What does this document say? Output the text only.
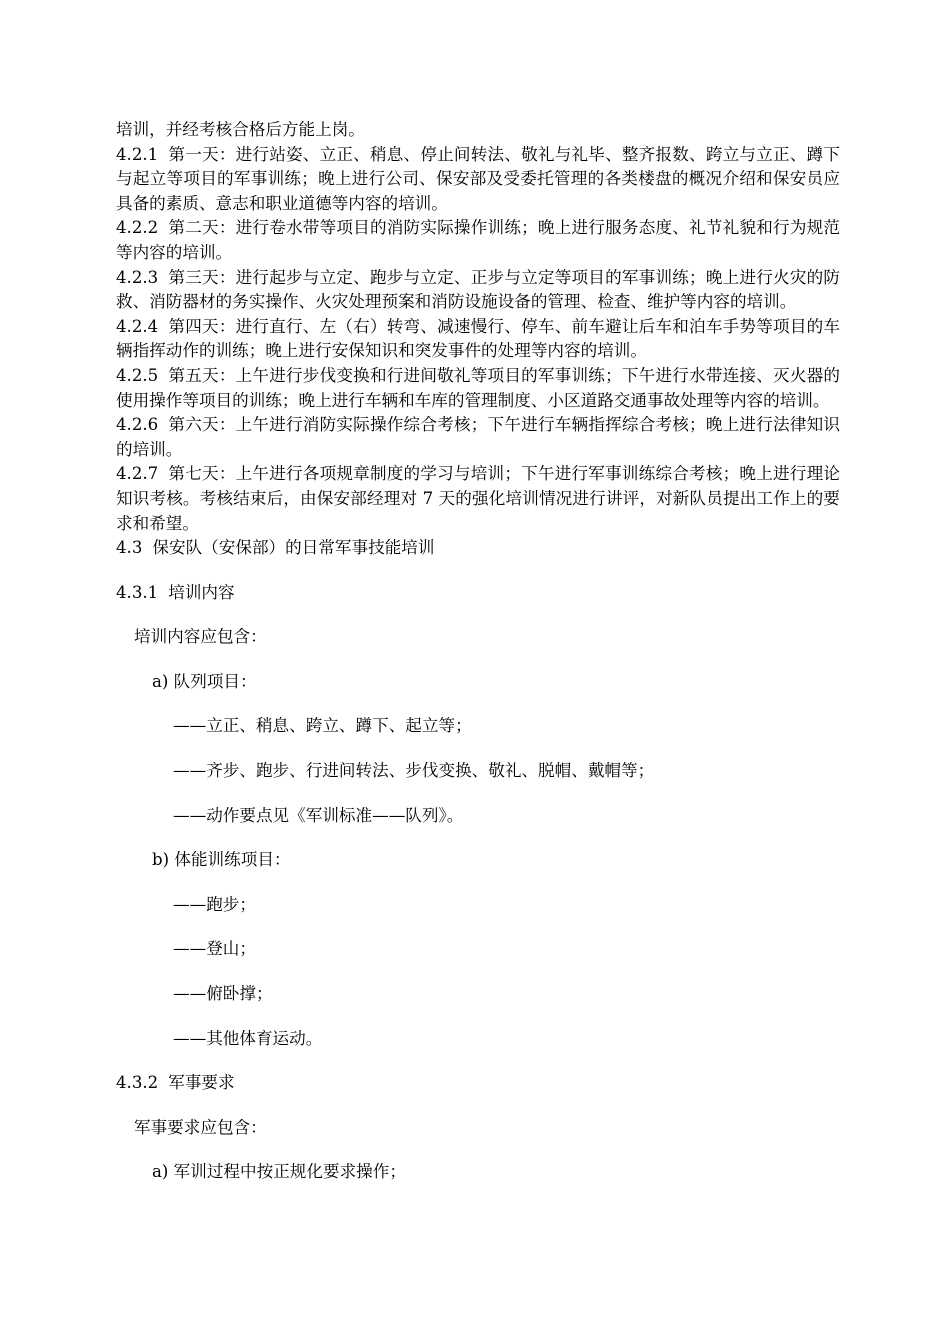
培训，并经考核合格后方能上岗。

4.2.1 第一天：进行站姿、立正、稍息、停止间转法、敬礼与礼毕、整齐报数、跨立与立正、蹲下与起立等项目的军事训练；晚上进行公司、保安部及受委托管理的各类楼盘的概况介绍和保安员应具备的素质、意志和职业道德等内容的培训。

4.2.2 第二天：进行卷水带等项目的消防实际操作训练；晚上进行服务态度、礼节礼貌和行为规范等内容的培训。

4.2.3 第三天：进行起步与立定、跑步与立定、正步与立定等项目的军事训练；晚上进行火灾的防救、消防器材的务实操作、火灾处理预案和消防设施设备的管理、检查、维护等内容的培训。

4.2.4 第四天：进行直行、左（右）转弯、减速慢行、停车、前车避让后车和泊车手势等项目的车辆指挥动作的训练；晚上进行安保知识和突发事件的处理等内容的培训。

4.2.5 第五天：上午进行步伐变换和行进间敬礼等项目的军事训练；下午进行水带连接、灭火器的使用操作等项目的训练；晚上进行车辆和车库的管理制度、小区道路交通事故处理等内容的培训。

4.2.6 第六天：上午进行消防实际操作综合考核；下午进行车辆指挥综合考核；晚上进行法律知识的培训。

4.2.7 第七天：上午进行各项规章制度的学习与培训；下午进行军事训练综合考核；晚上进行理论知识考核。考核结束后，由保安部经理对 7 天的强化培训情况进行讲评，对新队员提出工作上的要求和希望。

4.3 保安队（安保部）的日常军事技能培训

4.3.1 培训内容

培训内容应包含：

a) 队列项目：

——立正、稍息、跨立、蹲下、起立等；

——齐步、跑步、行进间转法、步伐变换、敬礼、脱帽、戴帽等；

——动作要点见《军训标准——队列》。

b) 体能训练项目：

——跑步；

——登山；

——俯卧撑；

——其他体育运动。

4.3.2 军事要求

军事要求应包含：

a) 军训过程中按正规化要求操作；
